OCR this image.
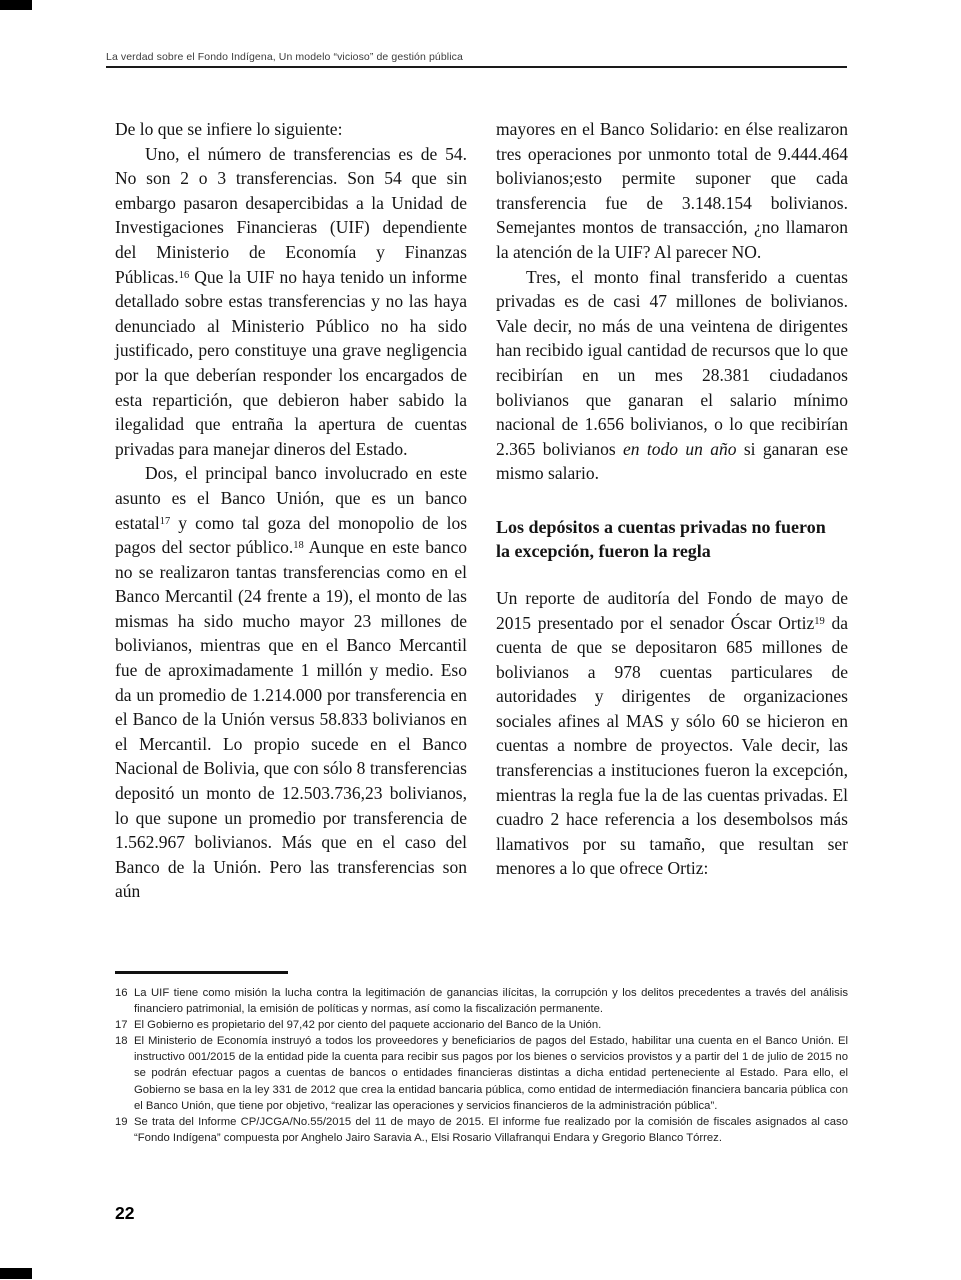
La verdad sobre el Fondo Indígena, Un modelo “vicioso” de gestión pública
De lo que se infiere lo siguiente:
Uno, el número de transferencias es de 54. No son 2 o 3 transferencias. Son 54 que sin embargo pasaron desapercibidas a la Unidad de Investigaciones Financieras (UIF) dependiente del Ministerio de Economía y Finanzas Públicas.$^{16}$ Que la UIF no haya tenido un informe detallado sobre estas transferencias y no las haya denunciado al Ministerio Público no ha sido justificado, pero constituye una grave negligencia por la que deberían responder los encargados de esta repartición, que debieron haber sabido la ilegalidad que entraña la apertura de cuentas privadas para manejar dineros del Estado.
Dos, el principal banco involucrado en este asunto es el Banco Unión, que es un banco estatal$^{17}$ y como tal goza del monopolio de los pagos del sector público.$^{18}$ Aunque en este banco no se realizaron tantas transferencias como en el Banco Mercantil (24 frente a 19), el monto de las mismas ha sido mucho mayor 23 millones de bolivianos, mientras que en el Banco Mercantil fue de aproximadamente 1 millón y medio. Eso da un promedio de 1.214.000 por transferencia en el Banco de la Unión versus 58.833 bolivianos en el Mercantil. Lo propio sucede en el Banco Nacional de Bolivia, que con sólo 8 transferencias depositó un monto de 12.503.736,23 bolivianos, lo que supone un promedio por transferencia de 1.562.967 bolivianos. Más que en el caso del Banco de la Unión. Pero las transferencias son aún
mayores en el Banco Solidario: en élse realizaron tres operaciones por unmonto total de 9.444.464 bolivianos;esto permite suponer que cada transferencia fue de 3.148.154 bolivianos. Semejantes montos de transacción, ¿no llamaron la atención de la UIF? Al parecer NO.
Tres, el monto final transferido a cuentas privadas es de casi 47 millones de bolivianos. Vale decir, no más de una veintena de dirigentes han recibido igual cantidad de recursos que lo que recibirían en un mes 28.381 ciudadanos bolivianos que ganaran el salario mínimo nacional de 1.656 bolivianos, o lo que recibirían 2.365 bolivianos en todo un año si ganaran ese mismo salario.
Los depósitos a cuentas privadas no fueron la excepción, fueron la regla
Un reporte de auditoría del Fondo de mayo de 2015 presentado por el senador Óscar Ortiz$^{19}$ da cuenta de que se depositaron 685 millones de bolivianos a 978 cuentas particulares de autoridades y dirigentes de organizaciones sociales afines al MAS y sólo 60 se hicieron en cuentas a nombre de proyectos. Vale decir, las transferencias a instituciones fueron la excepción, mientras la regla fue la de las cuentas privadas. El cuadro 2 hace referencia a los desembolsos más llamativos por su tamaño, que resultan ser menores a lo que ofrece Ortiz:
16 La UIF tiene como misión la lucha contra la legitimación de ganancias ilícitas, la corrupción y los delitos precedentes a través del análisis financiero patrimonial, la emisión de políticas y normas, así como la fiscalización permanente.
17 El Gobierno es propietario del 97,42 por ciento del paquete accionario del Banco de la Unión.
18 El Ministerio de Economía instruyó a todos los proveedores y beneficiarios de pagos del Estado, habilitar una cuenta en el Banco Unión. El instructivo 001/2015 de la entidad pide la cuenta para recibir sus pagos por los bienes o servicios provistos y a partir del 1 de julio de 2015 no se podrán efectuar pagos a cuentas de bancos o entidades financieras distintas a dicha entidad perteneciente al Estado. Para ello, el Gobierno se basa en la ley 331 de 2012 que crea la entidad bancaria pública, como entidad de intermediación financiera bancaria pública con el Banco Unión, que tiene por objetivo, “realizar las operaciones y servicios financieros de la administración pública”.
19 Se trata del Informe CP/JCGA/No.55/2015 del 11 de mayo de 2015. El informe fue realizado por la comisión de fiscales asignados al caso “Fondo Indígena” compuesta por Anghelo Jairo Saravia A., Elsi Rosario Villafranqui Endara y Gregorio Blanco Tórrez.
22
